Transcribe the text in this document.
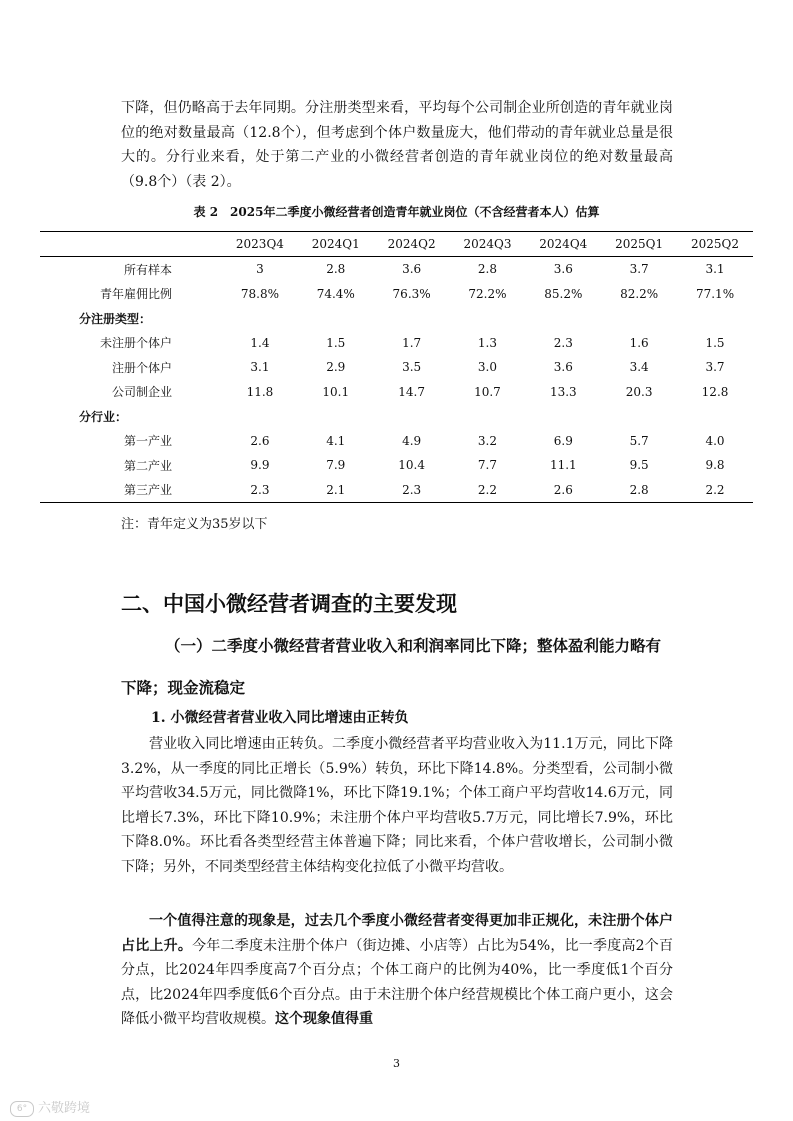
下降，但仍略高于去年同期。分注册类型来看，平均每个公司制企业所创造的青年就业岗位的绝对数量最高（12.8个），但考虑到个体户数量庞大，他们带动的青年就业总量是很大的。分行业来看，处于第二产业的小微经营者创造的青年就业岗位的绝对数量最高（9.8个）（表 2）。

表 2　2025年二季度小微经营者创造青年就业岗位（不含经营者本人）估算

	2023Q4	2024Q1	2024Q2	2024Q3	2024Q4	2025Q1	2025Q2
所有样本	3	2.8	3.6	2.8	3.6	3.7	3.1
青年雇佣比例	78.8%	74.4%	76.3%	72.2%	85.2%	82.2%	77.1%
分注册类型：							
未注册个体户	1.4	1.5	1.7	1.3	2.3	1.6	1.5
注册个体户	3.1	2.9	3.5	3.0	3.6	3.4	3.7
公司制企业	11.8	10.1	14.7	10.7	13.3	20.3	12.8
分行业：							
第一产业	2.6	4.1	4.9	3.2	6.9	5.7	4.0
第二产业	9.9	7.9	10.4	7.7	11.1	9.5	9.8
第三产业	2.3	2.1	2.3	2.2	2.6	2.8	2.2

注：青年定义为35岁以下

二、中国小微经营者调查的主要发现
（一）二季度小微经营者营业收入和利润率同比下降；整体盈利能力略有下降；现金流稳定
1. 小微经营者营业收入同比增速由正转负

营业收入同比增速由正转负。二季度小微经营者平均营业收入为11.1万元，同比下降3.2%，从一季度的同比正增长（5.9%）转负，环比下降14.8%。分类型看，公司制小微平均营收34.5万元，同比微降1%，环比下降19.1%；个体工商户平均营收14.6万元，同比增长7.3%，环比下降10.9%；未注册个体户平均营收5.7万元，同比增长7.9%，环比下降8.0%。环比看各类型经营主体普遍下降；同比来看，个体户营收增长，公司制小微下降；另外，不同类型经营主体结构变化拉低了小微平均营收。

一个值得注意的现象是，过去几个季度小微经营者变得更加非正规化，未注册个体户占比上升。今年二季度未注册个体户（街边摊、小店等）占比为54%，比一季度高2个百分点，比2024年四季度高7个百分点；个体工商户的比例为40%，比一季度低1个百分点，比2024年四季度低6个百分点。由于未注册个体户经营规模比个体工商户更小，这会降低小微平均营收规模。这个现象值得重

3

6° 六敬跨境
